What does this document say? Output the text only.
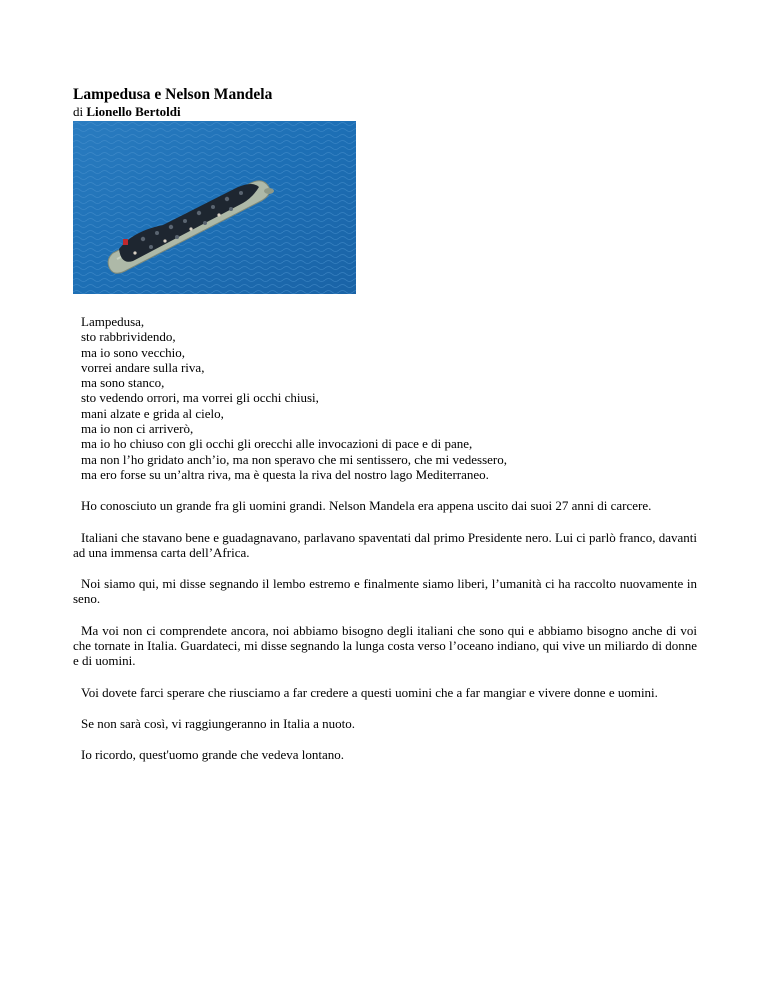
Lampedusa e Nelson Mandela
di Lionello Bertoldi
Lampedusa,
sto rabbrividendo,
ma io sono vecchio,
vorrei andare sulla riva,
ma sono stanco,
sto vedendo orrori, ma vorrei gli occhi chiusi,
mani alzate e grida al cielo,
ma io non ci arriverò,
ma io ho chiuso con gli occhi gli orecchi alle invocazioni di pace e di pane,
ma non l’ho gridato anch’io, ma non speravo che mi sentissero, che mi vedessero,
ma ero forse su un’altra riva, ma è questa la riva del nostro lago Mediterraneo.

Ho conosciuto un grande fra gli uomini grandi. Nelson Mandela era appena uscito dai suoi 27 anni di carcere.

Italiani che stavano bene e guadagnavano, parlavano spaventati dal primo Presidente nero. Lui ci parlò franco, davanti ad una immensa carta dell’Africa.

Noi siamo qui, mi disse segnando il lembo estremo e finalmente siamo liberi, l’umanità ci ha raccolto nuovamente in seno.

Ma voi non ci comprendete ancora, noi abbiamo bisogno degli italiani che sono qui e abbiamo bisogno anche di voi che tornate in Italia. Guardateci, mi disse segnando la lunga costa verso l’oceano indiano, qui vive un miliardo di donne e di uomini.

Voi dovete farci sperare che riusciamo a far credere a questi uomini che a far mangiar e vivere donne e uomini.

Se non sarà così, vi raggiungeranno in Italia a nuoto.

Io ricordo, quest'uomo grande che vedeva lontano.
